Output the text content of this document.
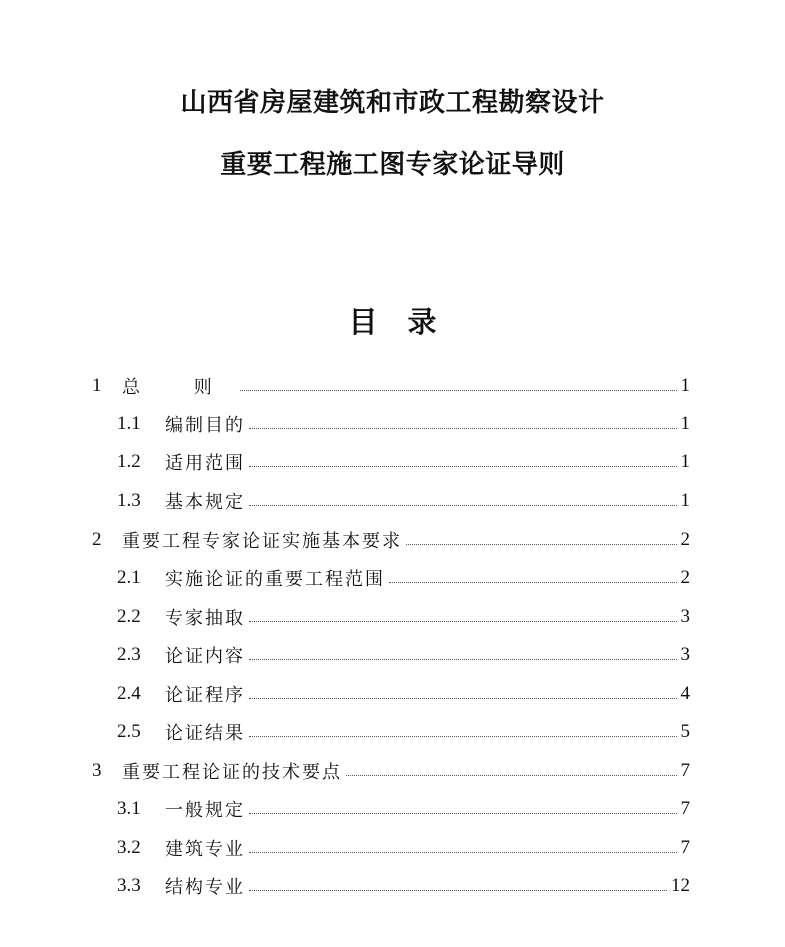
山西省房屋建筑和市政工程勘察设计
重要工程施工图专家论证导则
目 录
1	总 则	1
1.1	编制目的	1
1.2	适用范围	1
1.3	基本规定	1
2	重要工程专家论证实施基本要求	2
2.1	实施论证的重要工程范围	2
2.2	专家抽取	3
2.3	论证内容	3
2.4	论证程序	4
2.5	论证结果	5
3	重要工程论证的技术要点	7
3.1	一般规定	7
3.2	建筑专业	7
3.3	结构专业	12
